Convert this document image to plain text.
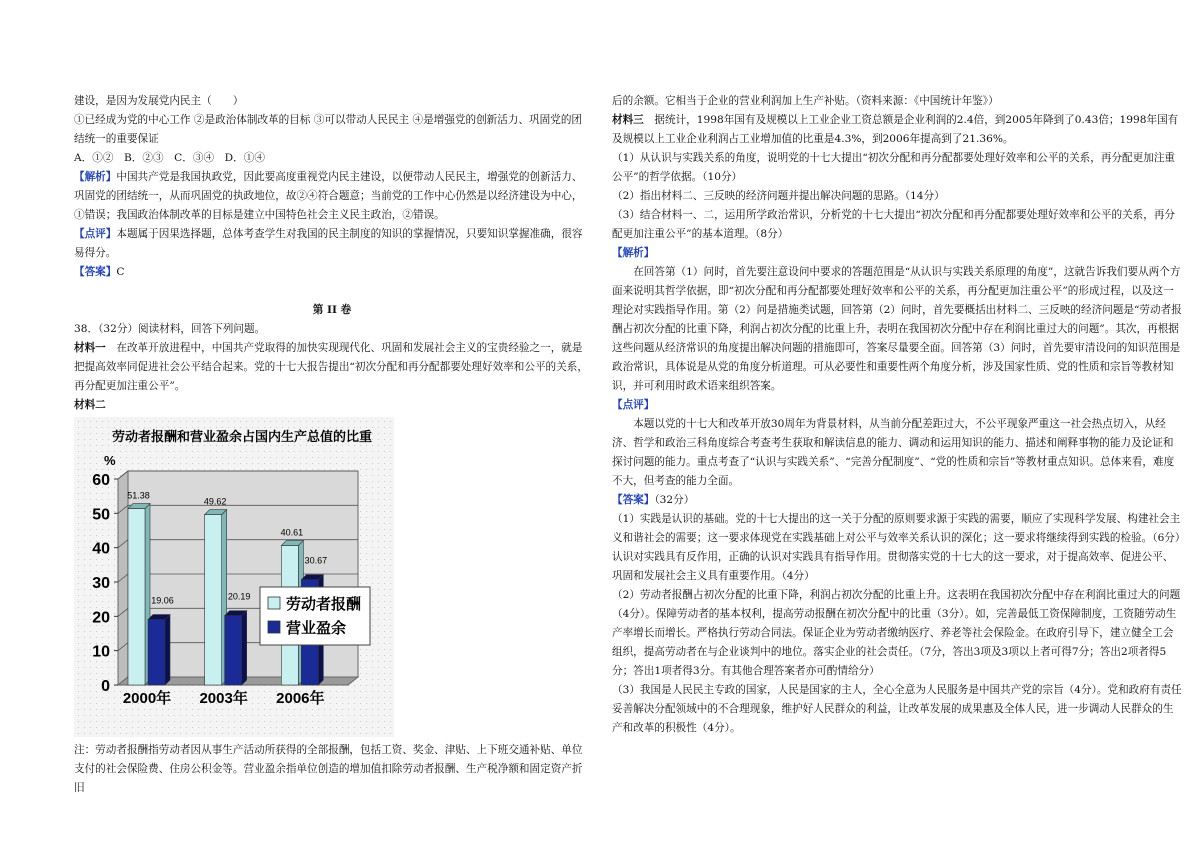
建设，是因为发展党内民主（　　）

①已经成为党的中心工作 ②是政治体制改革的目标 ③可以带动人民民主 ④是增强党的创新活力、巩固党的团结统一的重要保证

A．①②　B．②③　C．③④　D．①④

【解析】中国共产党是我国执政党，因此要高度重视党内民主建设，以便带动人民民主，增强党的创新活力、巩固党的团结统一，从而巩固党的执政地位，故②④符合题意；当前党的工作中心仍然是以经济建设为中心，①错误；我国政治体制改革的目标是建立中国特色社会主义民主政治，②错误。

【点评】本题属于因果选择题，总体考查学生对我国的民主制度的知识的掌握情况，只要知识掌握准确，很容易得分。

【答案】C

第 II 卷

38．（32分）阅读材料，回答下列问题。

材料一　 在改革开放进程中，中国共产党取得的加快实现现代化、巩固和发展社会主义的宝贵经验之一，就是把提高效率同促进社会公平结合起来。党的十七大报告提出“初次分配和再分配都要处理好效率和公平的关系，再分配更加注重公平”。

材料二

劳动者报酬和营业盈余占国内生产总值的比重
%
0
10
20
30
40
50
60
51.38
19.06
2000年
49.62
20.19
2003年
40.61
30.67
2006年
劳动者报酬
营业盈余

注：劳动者报酬指劳动者因从事生产活动所获得的全部报酬，包括工资、奖金、津贴、上下班交通补贴、单位支付的社会保险费、住房公积金等。营业盈余指单位创造的增加值扣除劳动者报酬、生产税净额和固定资产折旧

后的余额。它相当于企业的营业利润加上生产补贴。（资料来源：《中国统计年鉴》）

材料三　 据统计，1998年国有及规模以上工业企业工资总额是企业利润的2.4倍，到2005年降到了0.43倍；1998年国有及规模以上工业企业利润占工业增加值的比重是4.3%，到2006年提高到了21.36%。

（1）从认识与实践关系的角度，说明党的十七大提出“初次分配和再分配都要处理好效率和公平的关系，再分配更加注重公平”的哲学依据。（10分）

（2）指出材料二、三反映的经济问题并提出解决问题的思路。（14分）

（3）结合材料一、二，运用所学政治常识，分析党的十七大提出“初次分配和再分配都要处理好效率和公平的关系，再分配更加注重公平”的基本道理。（8分）

【解析】

在回答第（1）问时，首先要注意设问中要求的答题范围是“从认识与实践关系原理的角度”，这就告诉我们要从两个方面来说明其哲学依据，即“初次分配和再分配都要处理好效率和公平的关系，再分配更加注重公平”的形成过程，以及这一理论对实践指导作用。第（2）问是措施类试题，回答第（2）问时，首先要概括出材料二、三反映的经济问题是“劳动者报酬占初次分配的比重下降，利润占初次分配的比重上升，表明在我国初次分配中存在利润比重过大的问题”。其次，再根据这些问题从经济常识的角度提出解决问题的措施即可，答案尽量要全面。回答第（3）问时，首先要审清设问的知识范围是政治常识，具体说是从党的角度分析道理。可从必要性和重要性两个角度分析，涉及国家性质、党的性质和宗旨等教材知识，并可利用时政术语来组织答案。

【点评】

本题以党的十七大和改革开放30周年为背景材料，从当前分配差距过大，不公平现象严重这一社会热点切入，从经济、哲学和政治三科角度综合考查考生获取和解读信息的能力、调动和运用知识的能力、描述和阐释事物的能力及论证和探讨问题的能力。重点考查了“认识与实践关系”、“完善分配制度”、“党的性质和宗旨”等教材重点知识。总体来看，难度不大，但考查的能力全面。

【答案】（32分）

（1）实践是认识的基础。党的十七大提出的这一关于分配的原则要求源于实践的需要，顺应了实现科学发展、构建社会主义和谐社会的需要；这一要求体现党在实践基础上对公平与效率关系认识的深化；这一要求将继续得到实践的检验。（6分）认识对实践具有反作用，正确的认识对实践具有指导作用。贯彻落实党的十七大的这一要求，对于提高效率、促进公平、巩固和发展社会主义具有重要作用。（4分）

（2）劳动者报酬占初次分配的比重下降，利润占初次分配的比重上升。这表明在我国初次分配中存在利润比重过大的问题（4分）。保障劳动者的基本权利，提高劳动报酬在初次分配中的比重（3分）。如，完善最低工资保障制度，工资随劳动生产率增长而增长。严格执行劳动合同法。保证企业为劳动者缴纳医疗、养老等社会保险金。在政府引导下，建立健全工会组织，提高劳动者在与企业谈判中的地位。落实企业的社会责任。（7分，答出3项及3项以上者可得7分；答出2项者得5分；答出1项者得3分。有其他合理答案者亦可酌情给分）

（3）我国是人民民主专政的国家，人民是国家的主人，全心全意为人民服务是中国共产党的宗旨（4分）。党和政府有责任妥善解决分配领域中的不合理现象，维护好人民群众的利益，让改革发展的成果惠及全体人民，进一步调动人民群众的生产和改革的积极性（4分）。
